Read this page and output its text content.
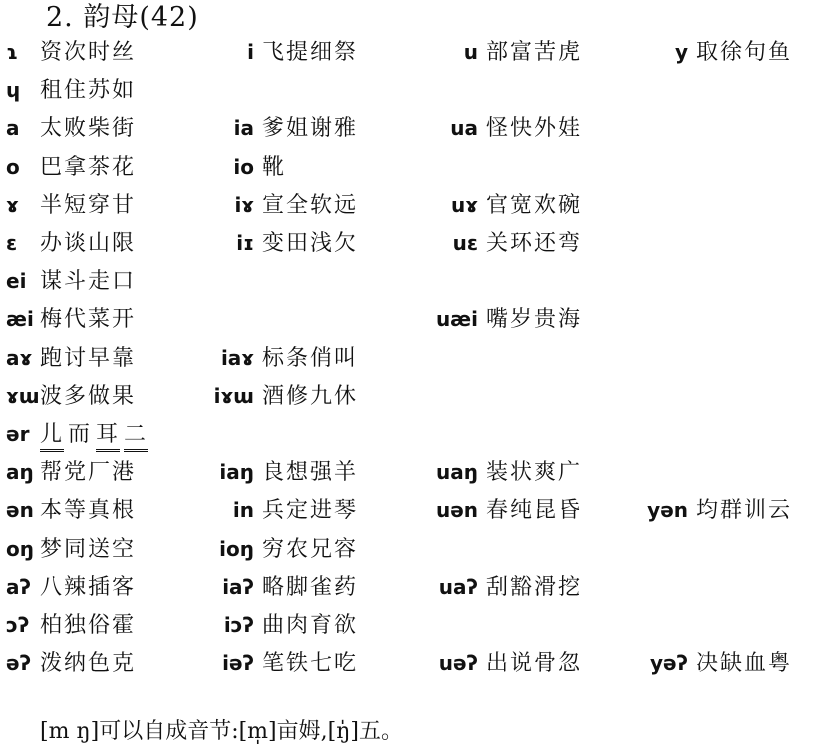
2. 韵母(42)
ɿ 资次时丝	i 飞提细祭	u 部富苦虎	y 取徐句鱼
ɥ 租住苏如
a 太败柴街	ia 爹姐谢雅	ua 怪快外娃
o 巴拿茶花	io 靴
ɤ 半短穿甘	iɤ 宣全软远	uɤ 官宽欢碗
ɛ 办谈山限	iɪ 变田浅欠	uɛ 关环还弯
ei 谋斗走口
æi 梅代菜开	uæi 嘴岁贵海
aɤ 跑讨早靠	iaɤ 标条俏叫
ɤɯ波多做果	iɤɯ 酒修九休
ər 儿 而 耳 二
aŋ 帮党厂港	iaŋ 良想强羊	uaŋ 装状爽广
ən 本等真根	in 兵定进琴	uən 春纯昆昏	yən 均群训云
oŋ 梦同送空	ioŋ 穷农兄容
aʔ 八辣插客	iaʔ 略脚雀药	uaʔ 刮豁滑挖
ɔʔ 柏独俗霍	iɔʔ 曲肉育欲
əʔ 泼纳色克	iəʔ 笔铁七吃	uəʔ 出说骨忽	yəʔ 决缺血粤
[m ŋ]可以自成音节:[m̩]亩姆,[ŋ̍]五。
